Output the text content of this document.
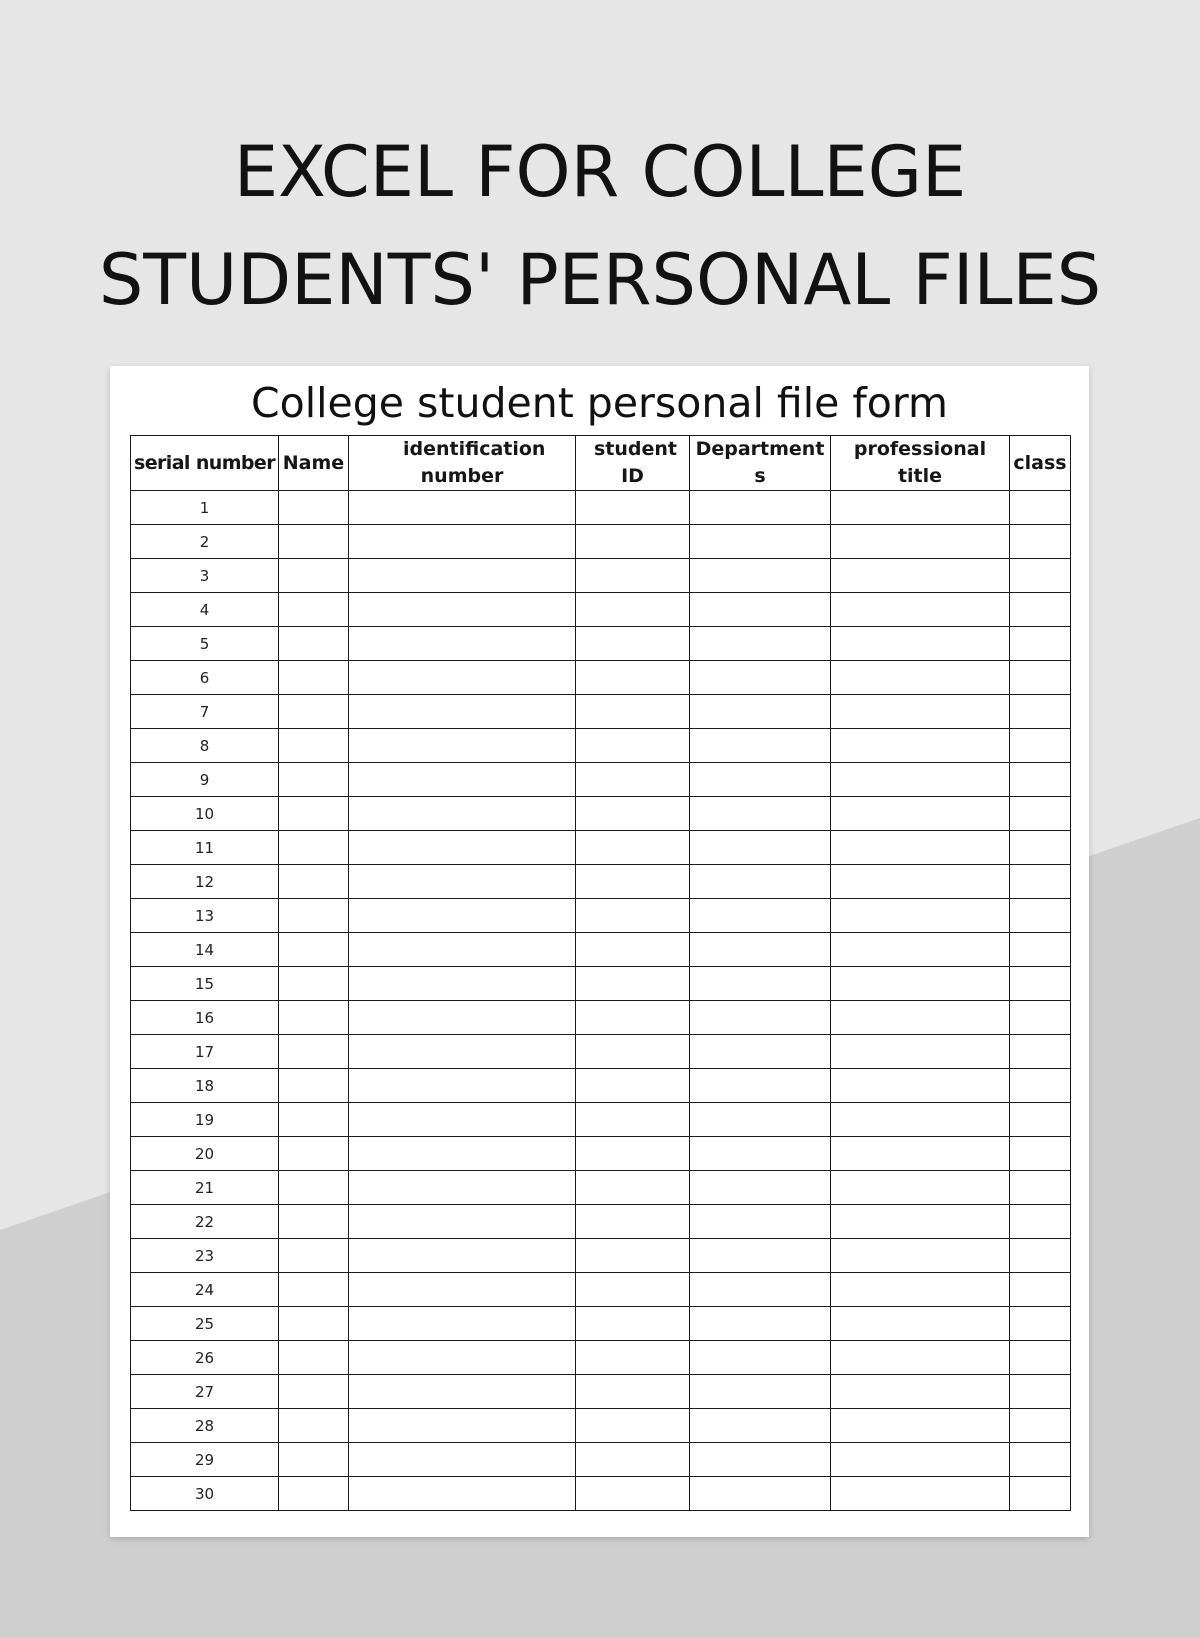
EXCEL FOR COLLEGE
STUDENTS' PERSONAL FILES
College student personal file form
serial number	Name	identification number	student ID	Department s	professional title	class

1						
2						
3						
4						
5						
6						
7						
8						
9						
10						
11						
12						
13						
14						
15						
16						
17						
18						
19						
20						
21						
22						
23						
24						
25						
26						
27						
28						
29						
30						
